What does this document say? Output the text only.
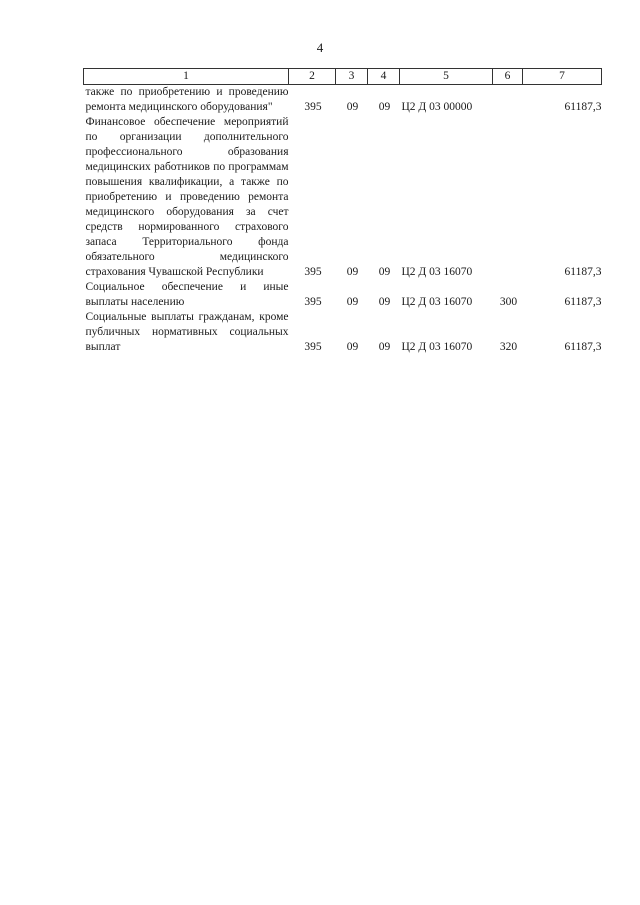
4
1	2	3	4	5	6	7
также по приобретению и проведению ремонта медицинского оборудования"	395	09	09	Ц2 Д 03 00000		61187,3
Финансовое обеспечение мероприятий по организации дополнительного профессионального образования медицинских работников по программам повышения квалификации, а также по приобретению и проведению ремонта медицинского оборудования за счет средств нормированного страхового запаса Территориального фонда обязательного медицинского страхования Чувашской Республики	395	09	09	Ц2 Д 03 16070		61187,3
Социальное обеспечение и иные выплаты населению	395	09	09	Ц2 Д 03 16070	300	61187,3
Социальные выплаты гражданам, кроме публичных нормативных социальных выплат	395	09	09	Ц2 Д 03 16070	320	61187,3
